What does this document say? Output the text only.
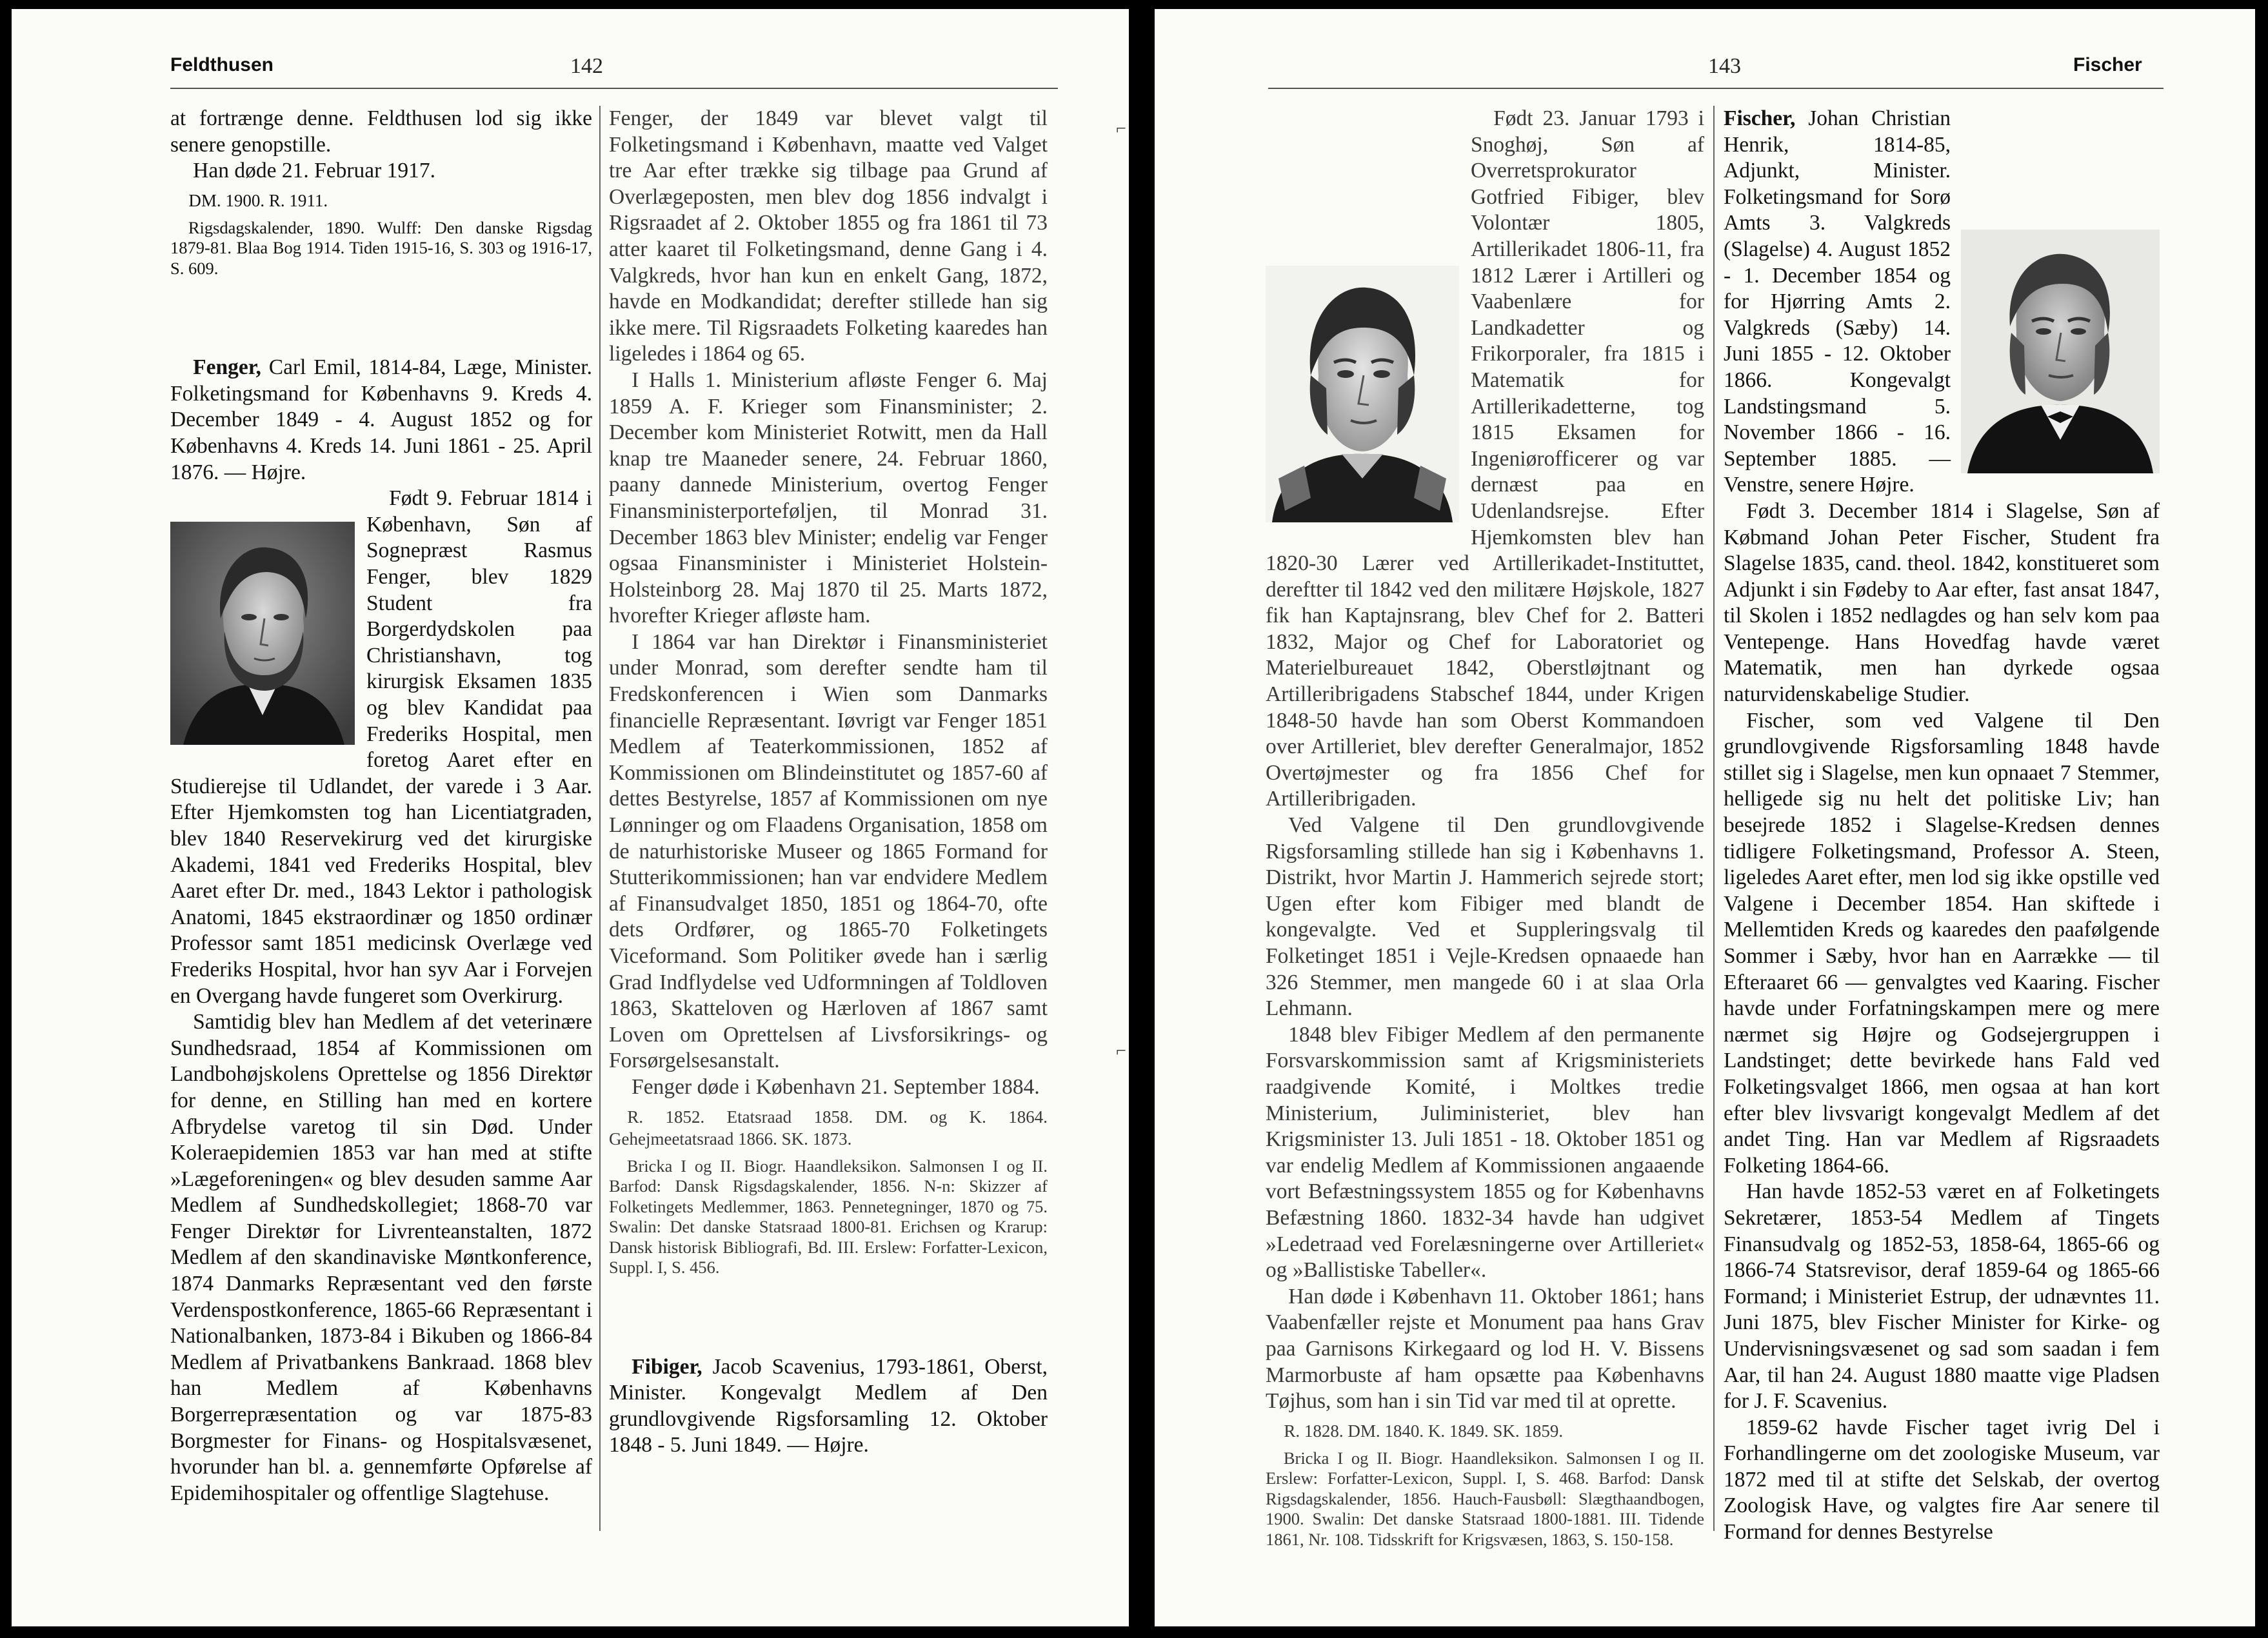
Feldthusen	142

at fortrænge denne. Feldthusen lod sig ikke senere genopstille.

Han døde 21. Februar 1917.

DM. 1900. R. 1911.

Rigsdagskalender, 1890. Wulff: Den danske Rigsdag 1879-81. Blaa Bog 1914. Tiden 1915-16, S. 303 og 1916-17, S. 609.

Fenger, Carl Emil, 1814-84, Læge, Minister. Folketingsmand for Københavns 9. Kreds 4. December 1849 - 4. August 1852 og for Københavns 4. Kreds 14. Juni 1861 - 25. April 1876. — Højre.

Født 9. Februar 1814 i København, Søn af Sognepræst Rasmus Fenger, blev 1829 Student fra Borgerdydskolen paa Christianshavn, tog kirurgisk Eksamen 1835 og blev Kandidat paa Frederiks Hospital, men foretog Aaret efter en Studierejse til Udlandet, der varede i 3 Aar. Efter Hjemkomsten tog han Licentiatgraden, blev 1840 Reservekirurg ved det kirurgiske Akademi, 1841 ved Frederiks Hospital, blev Aaret efter Dr. med., 1843 Lektor i pathologisk Anatomi, 1845 ekstraordinær og 1850 ordinær Professor samt 1851 medicinsk Overlæge ved Frederiks Hospital, hvor han syv Aar i Forvejen en Overgang havde fungeret som Overkirurg.

Samtidig blev han Medlem af det veterinære Sundhedsraad, 1854 af Kommissionen om Landbohøjskolens Oprettelse og 1856 Direktør for denne, en Stilling han med en kortere Afbrydelse varetog til sin Død. Under Koleraepidemien 1853 var han med at stifte »Lægeforeningen« og blev desuden samme Aar Medlem af Sundhedskollegiet; 1868-70 var Fenger Direktør for Livrenteanstalten, 1872 Medlem af den skandinaviske Møntkonference, 1874 Danmarks Repræsentant ved den første Verdenspostkonference, 1865-66 Repræsentant i Nationalbanken, 1873-84 i Bikuben og 1866-84 Medlem af Privatbankens Bankraad. 1868 blev han Medlem af Københavns Borgerrepræsentation og var 1875-83 Borgmester for Finans- og Hospitalsvæsenet, hvorunder han bl. a. gennemførte Opførelse af Epidemihospitaler og offentlige Slagtehuse.

Fenger, der 1849 var blevet valgt til Folketingsmand i København, maatte ved Valget tre Aar efter trække sig tilbage paa Grund af Overlægeposten, men blev dog 1856 indvalgt i Rigsraadet af 2. Oktober 1855 og fra 1861 til 73 atter kaaret til Folketingsmand, denne Gang i 4. Valgkreds, hvor han kun en enkelt Gang, 1872, havde en Modkandidat; derefter stillede han sig ikke mere. Til Rigsraadets Folketing kaaredes han ligeledes i 1864 og 65.

I Halls 1. Ministerium afløste Fenger 6. Maj 1859 A. F. Krieger som Finansminister; 2. December kom Ministeriet Rotwitt, men da Hall knap tre Maaneder senere, 24. Februar 1860, paany dannede Ministerium, overtog Fenger Finansministerporteføljen, til Monrad 31. December 1863 blev Minister; endelig var Fenger ogsaa Finansminister i Ministeriet Holstein-Holsteinborg 28. Maj 1870 til 25. Marts 1872, hvorefter Krieger afløste ham.

I 1864 var han Direktør i Finansministeriet under Monrad, som derefter sendte ham til Fredskonferencen i Wien som Danmarks financielle Repræsentant. Iøvrigt var Fenger 1851 Medlem af Teaterkommissionen, 1852 af Kommissionen om Blindeinstitutet og 1857-60 af dettes Bestyrelse, 1857 af Kommissionen om nye Lønninger og om Flaadens Organisation, 1858 om de naturhistoriske Museer og 1865 Formand for Stutterikommissionen; han var endvidere Medlem af Finansudvalget 1850, 1851 og 1864-70, ofte dets Ordfører, og 1865-70 Folketingets Viceformand. Som Politiker øvede han i særlig Grad Indflydelse ved Udformningen af Toldloven 1863, Skatteloven og Hærloven af 1867 samt Loven om Oprettelsen af Livsforsikrings- og Forsørgelsesanstalt.

Fenger døde i København 21. September 1884.

R. 1852. Etatsraad 1858. DM. og K. 1864. Gehejmeetatsraad 1866. SK. 1873.

Bricka I og II. Biogr. Haandleksikon. Salmonsen I og II. Barfod: Dansk Rigsdagskalender, 1856. N-n: Skizzer af Folketingets Medlemmer, 1863. Pennetegninger, 1870 og 75. Swalin: Det danske Statsraad 1800-81. Erichsen og Krarup: Dansk historisk Bibliografi, Bd. III. Erslew: Forfatter-Lexicon, Suppl. I, S. 456.

Fibiger, Jacob Scavenius, 1793-1861, Oberst, Minister. Kongevalgt Medlem af Den grundlovgivende Rigsforsamling 12. Oktober 1848 - 5. Juni 1849. — Højre.

⌐
⌐
143	Fischer

Født 23. Januar 1793 i Snoghøj, Søn af Overretsprokurator Gotfried Fibiger, blev Volontær 1805, Artillerikadet 1806-11, fra 1812 Lærer i Artilleri og Vaabenlære for Landkadetter og Frikorporaler, fra 1815 i Matematik for Artillerikadetterne, tog 1815 Eksamen for Ingeniørofficerer og var dernæst paa en Udenlandsrejse. Efter Hjemkomsten blev han 1820-30 Lærer ved Artillerikadet-Instituttet, dereftter til 1842 ved den militære Højskole, 1827 fik han Kaptajnsrang, blev Chef for 2. Batteri 1832, Major og Chef for Laboratoriet og Materielbureauet 1842, Oberstløjtnant og Artilleribrigadens Stabschef 1844, under Krigen 1848-50 havde han som Oberst Kommandoen over Artilleriet, blev derefter Generalmajor, 1852 Overtøjmester og fra 1856 Chef for Artilleribrigaden.

Ved Valgene til Den grundlovgivende Rigsforsamling stillede han sig i Københavns 1. Distrikt, hvor Martin J. Hammerich sejrede stort; Ugen efter kom Fibiger med blandt de kongevalgte. Ved et Suppleringsvalg til Folketinget 1851 i Vejle-Kredsen opnaaede han 326 Stemmer, men mangede 60 i at slaa Orla Lehmann.

1848 blev Fibiger Medlem af den permanente Forsvarskommission samt af Krigsministeriets raadgivende Komité, i Moltkes tredie Ministerium, Juliministeriet, blev han Krigsminister 13. Juli 1851 - 18. Oktober 1851 og var endelig Medlem af Kommissionen angaaende vort Befæstningssystem 1855 og for Københavns Befæstning 1860. 1832-34 havde han udgivet »Ledetraad ved Forelæsningerne over Artilleriet« og »Ballistiske Tabeller«.

Han døde i København 11. Oktober 1861; hans Vaabenfæller rejste et Monument paa hans Grav paa Garnisons Kirkegaard og lod H. V. Bissens Marmorbuste af ham opsætte paa Københavns Tøjhus, som han i sin Tid var med til at oprette.

R. 1828. DM. 1840. K. 1849. SK. 1859.

Bricka I og II. Biogr. Haandleksikon. Salmonsen I og II. Erslew: Forfatter-Lexicon, Suppl. I, S. 468. Barfod: Dansk Rigsdagskalender, 1856. Hauch-Fausbøll: Slægthaandbogen, 1900. Swalin: Det danske Statsraad 1800-1881. III. Tidende 1861, Nr. 108. Tidsskrift for Krigsvæsen, 1863, S. 150-158.

Fischer, Johan Christian Henrik, 1814-85, Adjunkt, Minister. Folketingsmand for Sorø Amts 3. Valgkreds (Slagelse) 4. August 1852 - 1. December 1854 og for Hjørring Amts 2. Valgkreds (Sæby) 14. Juni 1855 - 12. Oktober 1866. Kongevalgt Landstingsmand 5. November 1866 - 16. September 1885. — Venstre, senere Højre.

Født 3. December 1814 i Slagelse, Søn af Købmand Johan Peter Fischer, Student fra Slagelse 1835, cand. theol. 1842, konstitueret som Adjunkt i sin Fødeby to Aar efter, fast ansat 1847, til Skolen i 1852 nedlagdes og han selv kom paa Ventepenge. Hans Hovedfag havde været Matematik, men han dyrkede ogsaa naturvidenskabelige Studier.

Fischer, som ved Valgene til Den grundlovgivende Rigsforsamling 1848 havde stillet sig i Slagelse, men kun opnaaet 7 Stemmer, helligede sig nu helt det politiske Liv; han besejrede 1852 i Slagelse-Kredsen dennes tidligere Folketingsmand, Professor A. Steen, ligeledes Aaret efter, men lod sig ikke opstille ved Valgene i December 1854. Han skiftede i Mellemtiden Kreds og kaaredes den paafølgende Sommer i Sæby, hvor han en Aarrække — til Efteraaret 66 — genvalgtes ved Kaaring. Fischer havde under Forfatningskampen mere og mere nærmet sig Højre og Godsejergruppen i Landstinget; dette bevirkede hans Fald ved Folketingsvalget 1866, men ogsaa at han kort efter blev livsvarigt kongevalgt Medlem af det andet Ting. Han var Medlem af Rigsraadets Folketing 1864-66.

Han havde 1852-53 været en af Folketingets Sekretærer, 1853-54 Medlem af Tingets Finansudvalg og 1852-53, 1858-64, 1865-66 og 1866-74 Statsrevisor, deraf 1859-64 og 1865-66 Formand; i Ministeriet Estrup, der udnævntes 11. Juni 1875, blev Fischer Minister for Kirke- og Undervisningsvæsenet og sad som saadan i fem Aar, til han 24. August 1880 maatte vige Pladsen for J. F. Scavenius.

1859-62 havde Fischer taget ivrig Del i Forhandlingerne om det zoologiske Museum, var 1872 med til at stifte det Selskab, der overtog Zoologisk Have, og valgtes fire Aar senere til Formand for dennes Bestyrelse
